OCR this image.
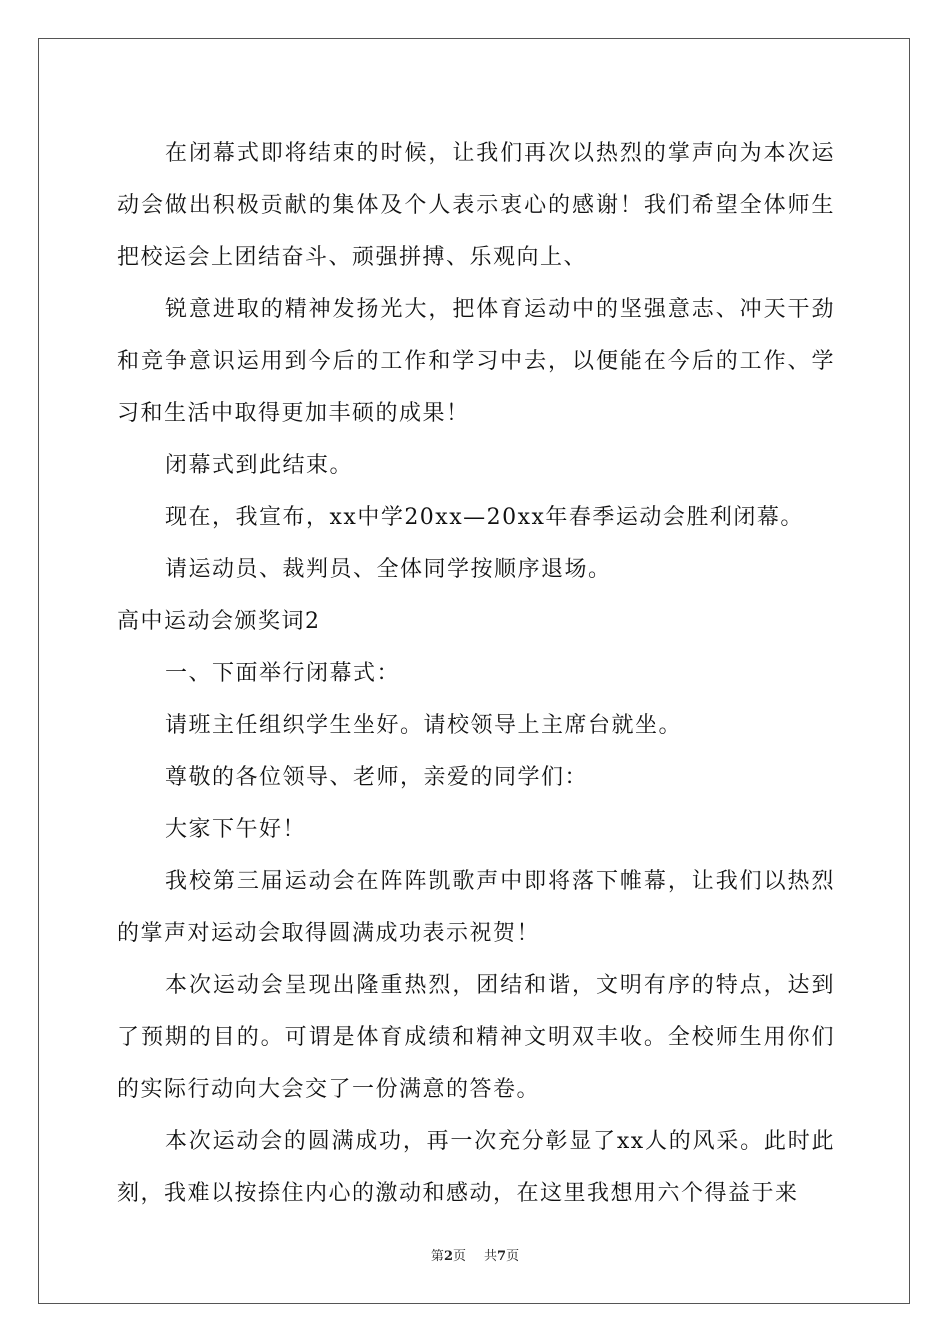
在闭幕式即将结束的时候，让我们再次以热烈的掌声向为本次运动会做出积极贡献的集体及个人表示衷心的感谢！我们希望全体师生把校运会上团结奋斗、顽强拼搏、乐观向上、

锐意进取的精神发扬光大，把体育运动中的坚强意志、冲天干劲和竞争意识运用到今后的工作和学习中去，以便能在今后的工作、学习和生活中取得更加丰硕的成果！

闭幕式到此结束。

现在，我宣布，xx中学20xx—20xx年春季运动会胜利闭幕。

请运动员、裁判员、全体同学按顺序退场。

高中运动会颁奖词2

一、下面举行闭幕式：

请班主任组织学生坐好。请校领导上主席台就坐。

尊敬的各位领导、老师，亲爱的同学们：

大家下午好！

我校第三届运动会在阵阵凯歌声中即将落下帷幕，让我们以热烈的掌声对运动会取得圆满成功表示祝贺！

本次运动会呈现出隆重热烈，团结和谐，文明有序的特点，达到了预期的目的。可谓是体育成绩和精神文明双丰收。全校师生用你们的实际行动向大会交了一份满意的答卷。

本次运动会的圆满成功，再一次充分彰显了xx人的风采。此时此刻，我难以按捺住内心的激动和感动，在这里我想用六个得益于来

第2页 共7页
